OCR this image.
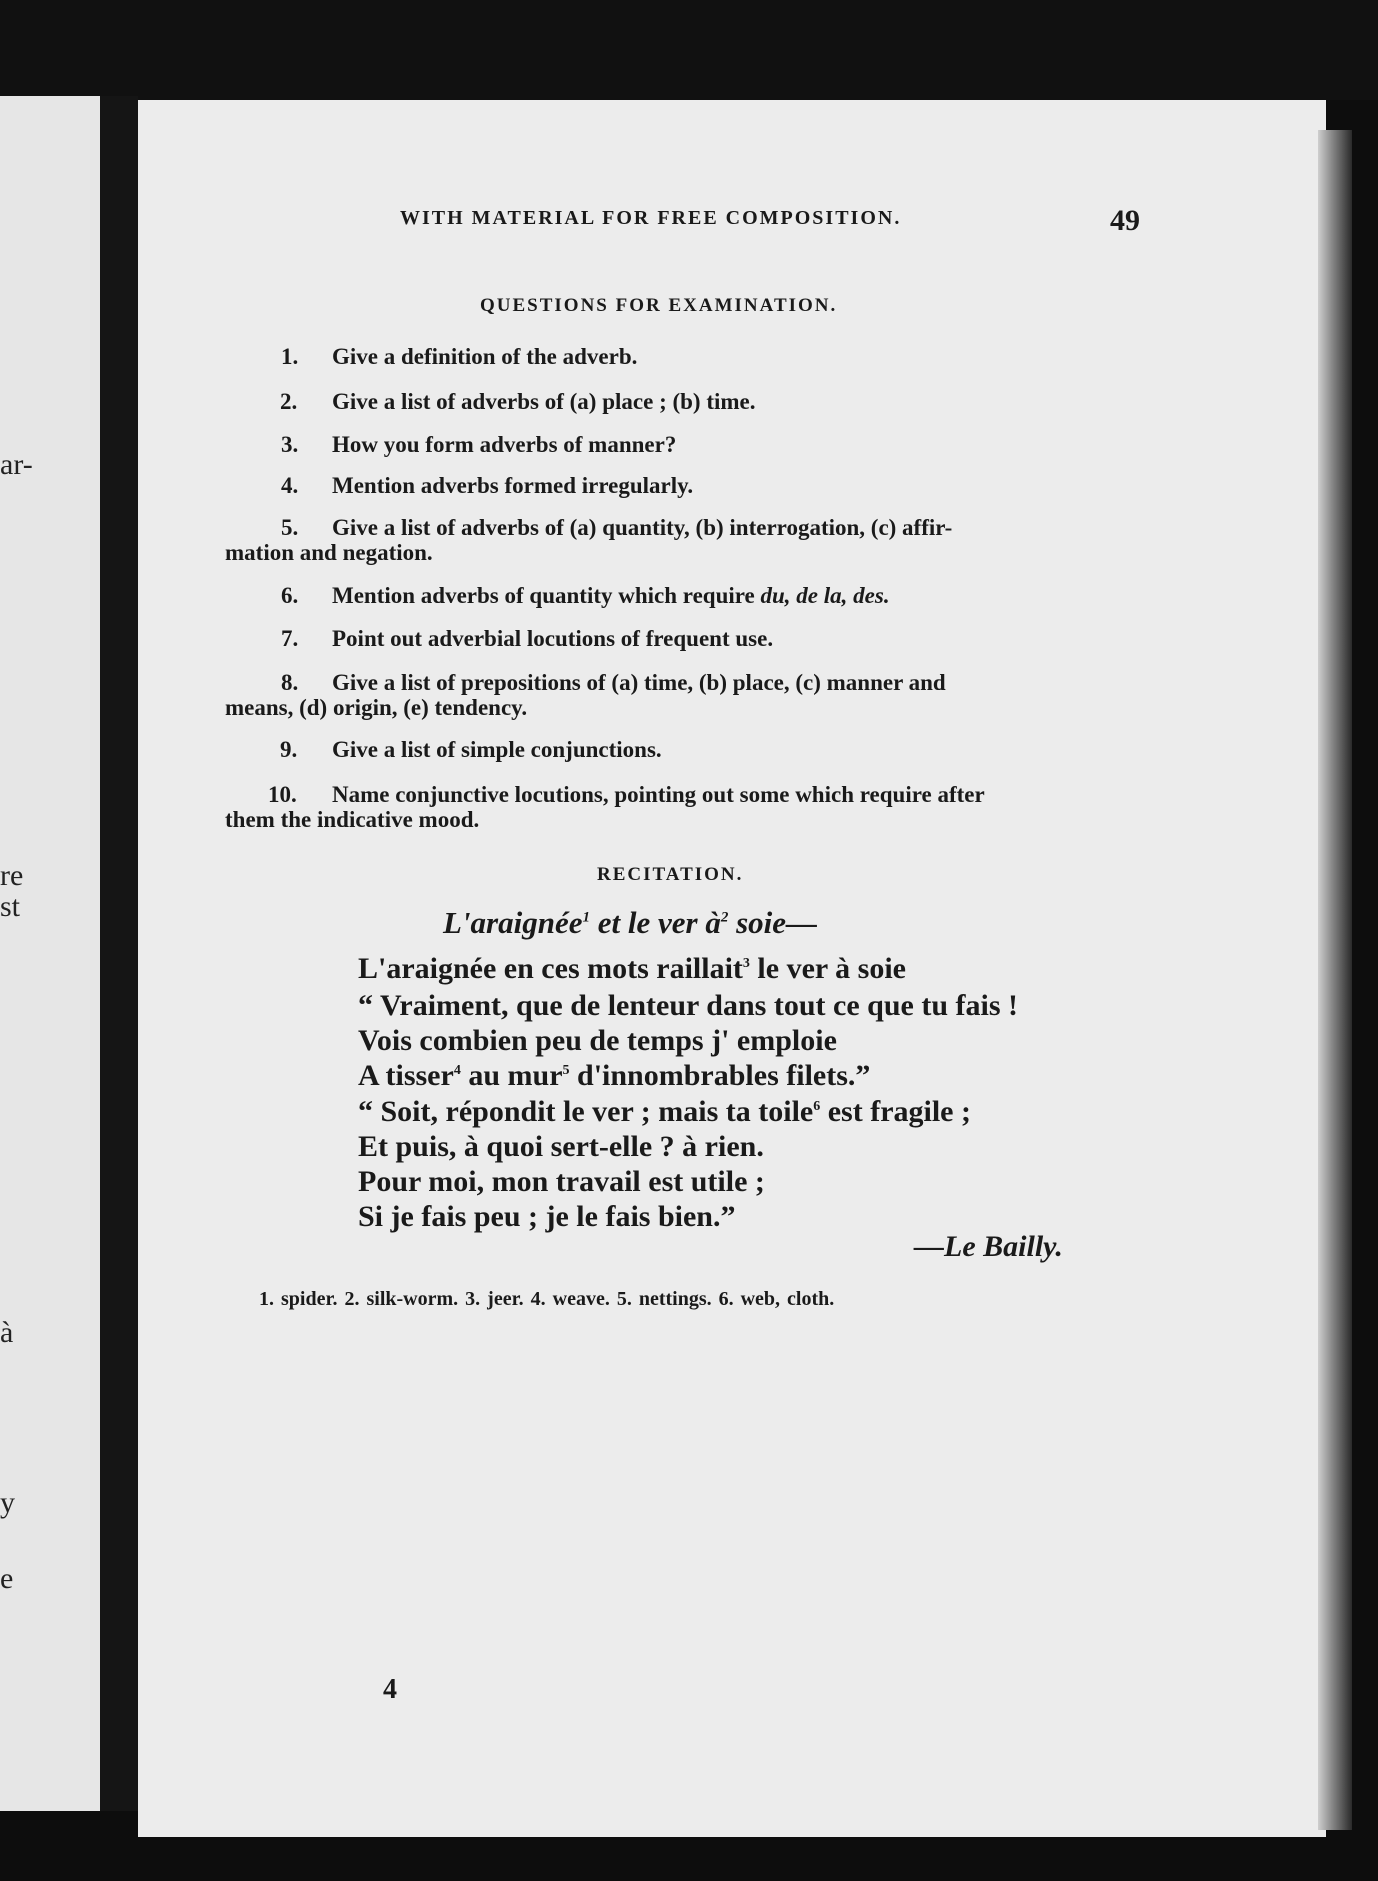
ar-
re
st
à
y
e
WITH MATERIAL FOR FREE COMPOSITION.	49
QUESTIONS FOR EXAMINATION.
1. Give a definition of the adverb.
2. Give a list of adverbs of (a) place ; (b) time.
3. How you form adverbs of manner?
4. Mention adverbs formed irregularly.
5. Give a list of adverbs of (a) quantity, (b) interrogation, (c) affir-
mation and negation.
6. Mention adverbs of quantity which require du, de la, des.
7. Point out adverbial locutions of frequent use.
8. Give a list of prepositions of (a) time, (b) place, (c) manner and
means, (d) origin, (e) tendency.
9. Give a list of simple conjunctions.
10. Name conjunctive locutions, pointing out some which require after
them the indicative mood.
RECITATION.
L'araignée$^1$ et le ver $à^2$ soie—
L'araignée en ces mots raillait$^3$ le ver à soie
“ Vraiment, que de lenteur dans tout ce que tu fais !
Vois combien peu de temps j' emploie
A tisser$^4$ au mur$^5$ d'innombrables filets.”
“ Soit, répondit le ver ; mais ta toile$^6$ est fragile ;
Et puis, à quoi sert-elle ? à rien.
Pour moi, mon travail est utile ;
Si je fais peu ; je le fais bien.”
—Le Bailly.
1. spider. 2. silk-worm. 3. jeer. 4. weave. 5. nettings. 6. web, cloth.
4
